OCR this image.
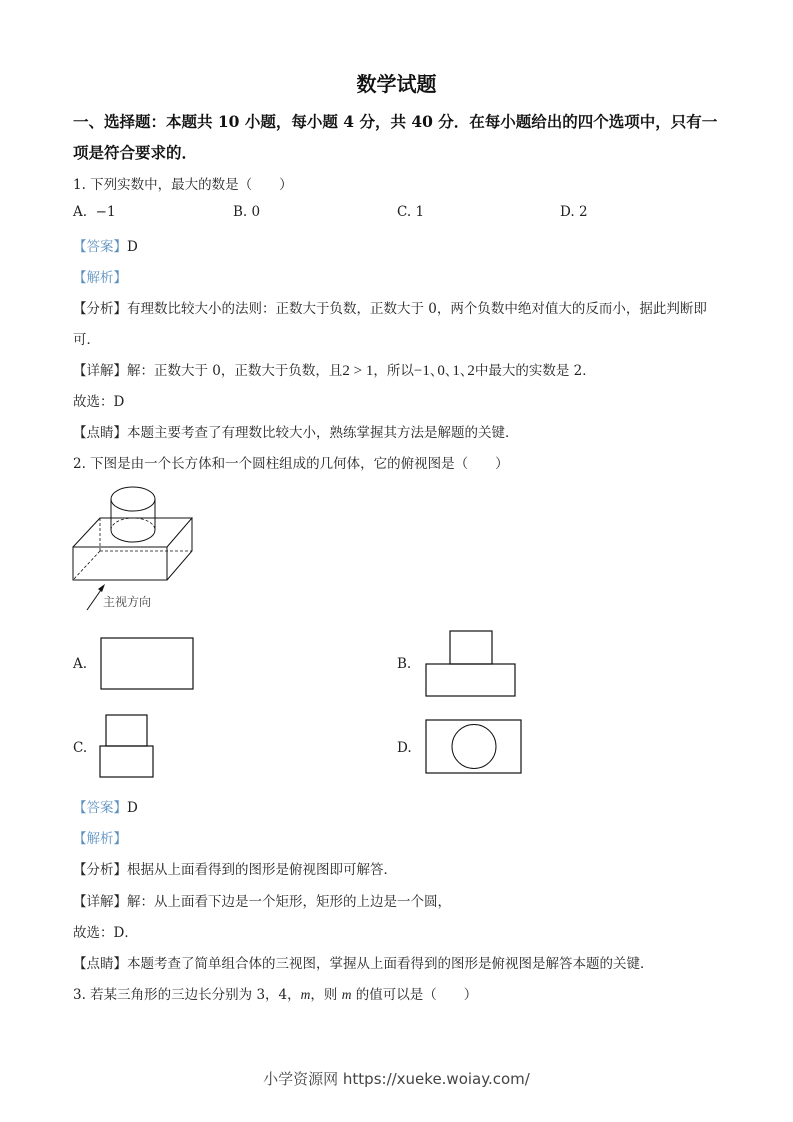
数学试题
一、选择题：本题共 10 小题，每小题 4 分，共 40 分．在每小题给出的四个选项中，只有一
项是符合要求的．
1. 下列实数中，最大的数是（　　）
A. −1	B. 0	C. 1	D. 2
【答案】D
【解析】
【分析】有理数比较大小的法则：正数大于负数，正数大于 0，两个负数中绝对值大的反而小，据此判断即
可．
【详解】解：正数大于 0，正数大于负数，且2 > 1，所以−1､0､1､2中最大的实数是 2．
故选：D
【点睛】本题主要考查了有理数比较大小，熟练掌握其方法是解题的关键．
2. 下图是由一个长方体和一个圆柱组成的几何体，它的俯视图是（　　）
主视方向
A.	B.
C.	D.
【答案】D
【解析】
【分析】根据从上面看得到的图形是俯视图即可解答．
【详解】解：从上面看下边是一个矩形，矩形的上边是一个圆，
故选：D．
【点睛】本题考查了简单组合体的三视图，掌握从上面看得到的图形是俯视图是解答本题的关键．
3. 若某三角形的三边长分别为 3，4，m，则 m 的值可以是（　　）
小学资源网 https://xueke.woiay.com/
